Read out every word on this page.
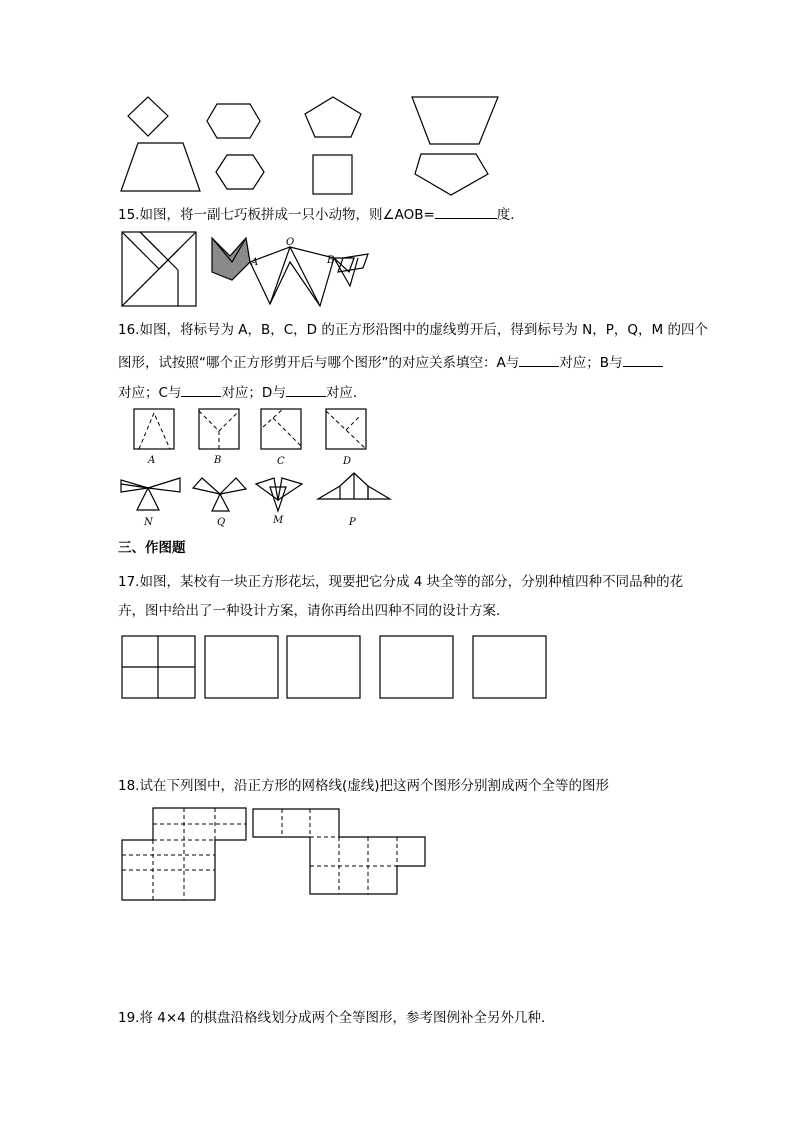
15.如图，将一副七巧板拼成一只小动物，则∠AOB=	度．
O
A	B
16.如图，将标号为 A，B，C，D 的正方形沿图中的虚线剪开后，得到标号为 N，P，Q，M 的四个
图形，试按照“哪个正方形剪开后与哪个图形”的对应关系填空：A与	对应；B与
对应；C与	对应；D与	对应．
A	B	C	D
N	Q	M	P
三、作图题
17.如图，某校有一块正方形花坛，现要把它分成 4 块全等的部分，分别种植四种不同品种的花
卉，图中给出了一种设计方案，请你再给出四种不同的设计方案．
18.试在下列图中，沿正方形的网格线(虚线)把这两个图形分别割成两个全等的图形
19.将 4×4 的棋盘沿格线划分成两个全等图形，参考图例补全另外几种．
